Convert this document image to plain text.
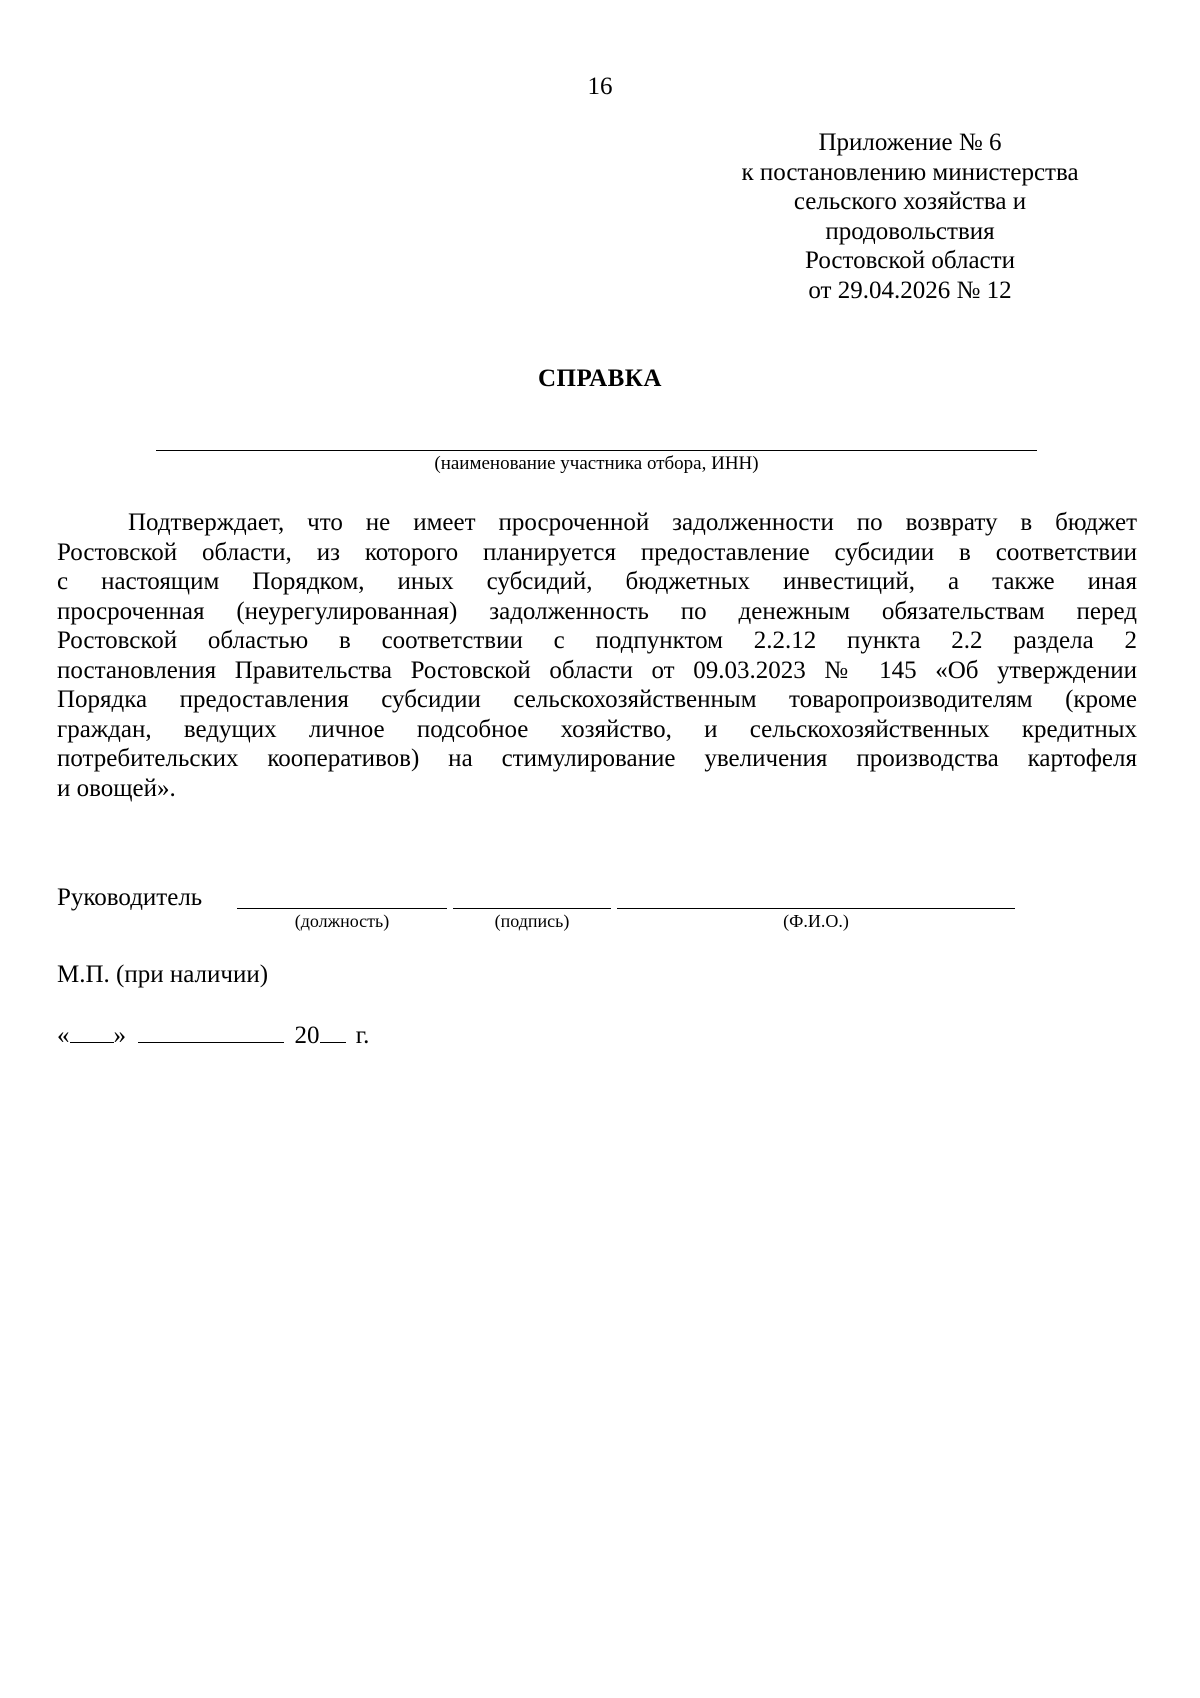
16
Приложение № 6
к постановлению министерства
сельского хозяйства и
продовольствия
Ростовской области
от 29.04.2026 № 12
СПРАВКА
(наименование участника отбора, ИНН)
Подтверждает, что не имеет просроченной задолженности по возврату в бюджет
Ростовской области, из которого планируется предоставление субсидии в соответствии
с настоящим Порядком, иных субсидий, бюджетных инвестиций, а также иная
просроченная (неурегулированная) задолженность по денежным обязательствам перед
Ростовской областью в соответствии с подпунктом 2.2.12 пункта 2.2 раздела 2
постановления Правительства Ростовской области от 09.03.2023 № 145 «Об утверждении
Порядка предоставления субсидии сельскохозяйственным товаропроизводителям (кроме
граждан, ведущих личное подсобное хозяйство, и сельскохозяйственных кредитных
потребительских кооперативов) на стимулирование увеличения производства картофеля
и овощей».
Руководитель
(должность)	(подпись)	(Ф.И.О.)
М.П. (при наличии)
« »	20 г.
